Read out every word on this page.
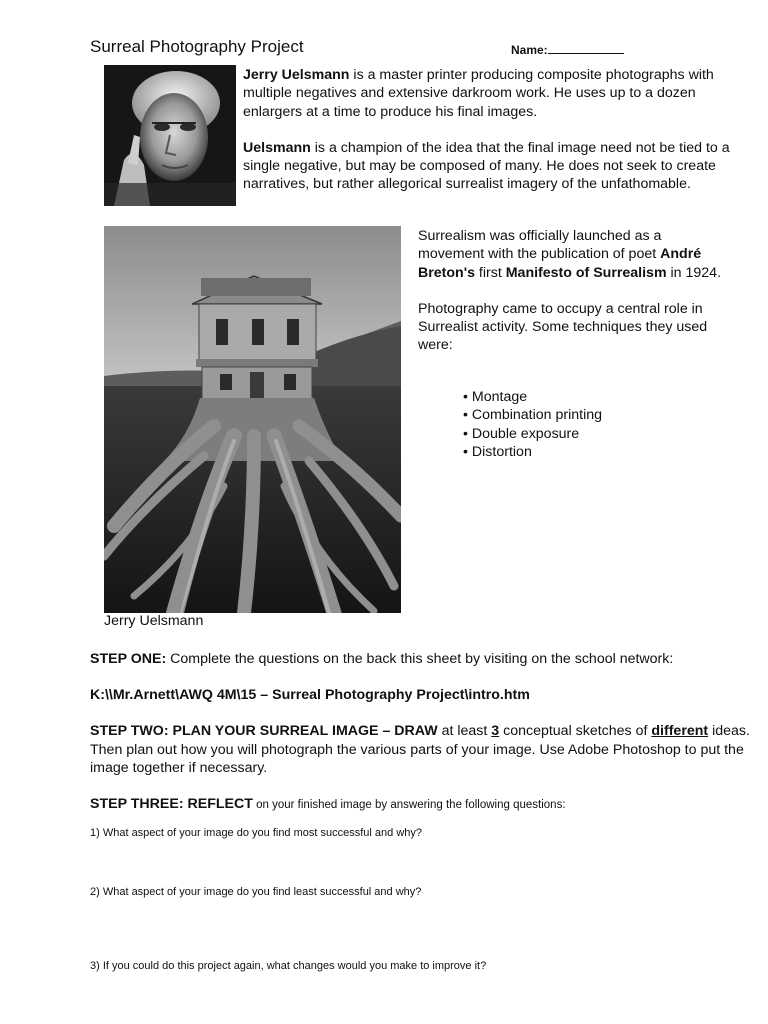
Surreal Photography Project	Name:

Jerry Uelsmann is a master printer producing composite photographs with multiple negatives and extensive darkroom work. He uses up to a dozen enlargers at a time to produce his final images.

Uelsmann is a champion of the idea that the final image need not be tied to a single negative, but may be composed of many. He does not seek to create narratives, but rather allegorical surrealist imagery of the unfathomable.

Surrealism was officially launched as a movement with the publication of poet André Breton's first Manifesto of Surrealism in 1924.

Photography came to occupy a central role in Surrealist activity. Some techniques they used were:

• Montage
• Combination printing
• Double exposure
• Distortion
Jerry Uelsmann

STEP ONE: Complete the questions on the back this sheet by visiting on the school network:

K:\\Mr.Arnett\AWQ 4M\15 – Surreal Photography Project\intro.htm

STEP TWO: PLAN YOUR SURREAL IMAGE – DRAW at least 3 conceptual sketches of different ideas. Then plan out how you will photograph the various parts of your image. Use Adobe Photoshop to put the image together if necessary.

STEP THREE: REFLECT on your finished image by answering the following questions:

1) What aspect of your image do you find most successful and why?
2) What aspect of your image do you find least successful and why?
3) If you could do this project again, what changes would you make to improve it?
